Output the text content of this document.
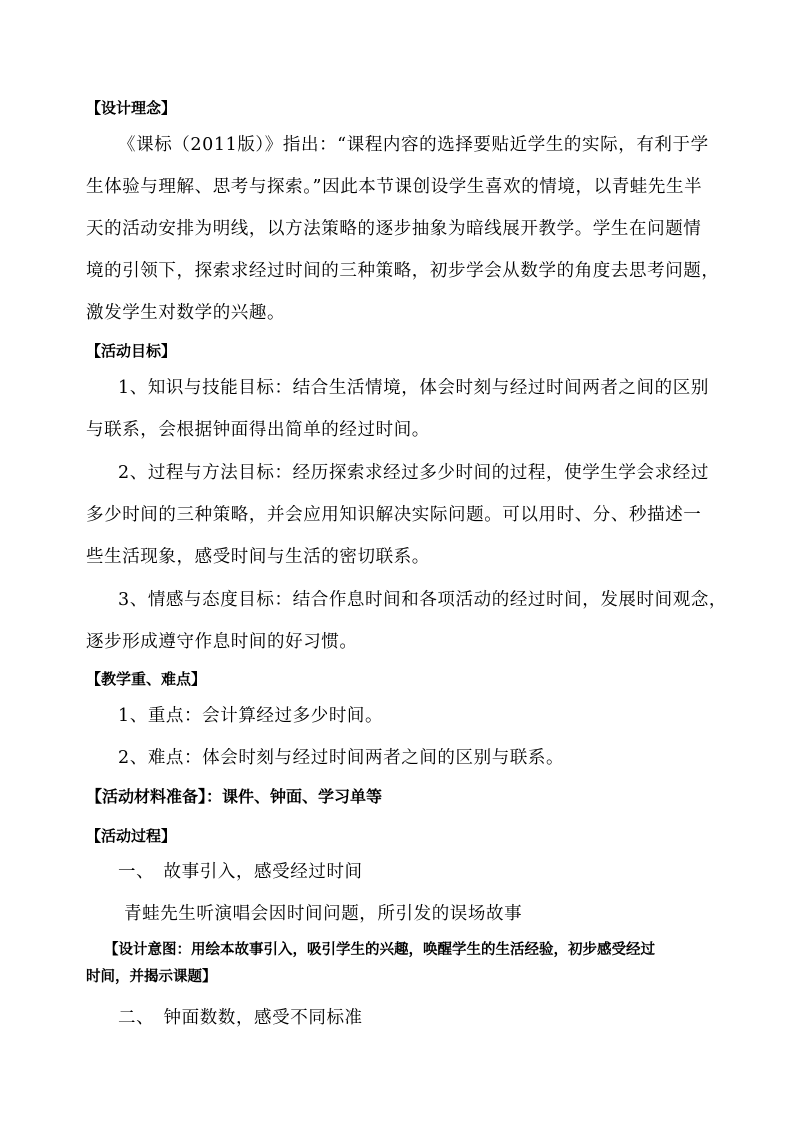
【设计理念】
《课标（2011版）》指出：“课程内容的选择要贴近学生的实际，有利于学
生体验与理解、思考与探索。”因此本节课创设学生喜欢的情境，以青蛙先生半
天的活动安排为明线，以方法策略的逐步抽象为暗线展开教学。学生在问题情
境的引领下，探索求经过时间的三种策略，初步学会从数学的角度去思考问题，
激发学生对数学的兴趣。
【活动目标】
1、知识与技能目标：结合生活情境，体会时刻与经过时间两者之间的区别
与联系，会根据钟面得出简单的经过时间。
2、过程与方法目标：经历探索求经过多少时间的过程，使学生学会求经过
多少时间的三种策略，并会应用知识解决实际问题。可以用时、分、秒描述一
些生活现象，感受时间与生活的密切联系。
3、情感与态度目标：结合作息时间和各项活动的经过时间，发展时间观念，
逐步形成遵守作息时间的好习惯。
【教学重、难点】
1、重点：会计算经过多少时间。
2、难点：体会时刻与经过时间两者之间的区别与联系。
【活动材料准备】：课件、钟面、学习单等
【活动过程】
一、　故事引入，感受经过时间
青蛙先生听演唱会因时间问题，所引发的误场故事
【设计意图：用绘本故事引入，吸引学生的兴趣，唤醒学生的生活经验，初步感受经过
时间，并揭示课题】
二、　钟面数数，感受不同标准
